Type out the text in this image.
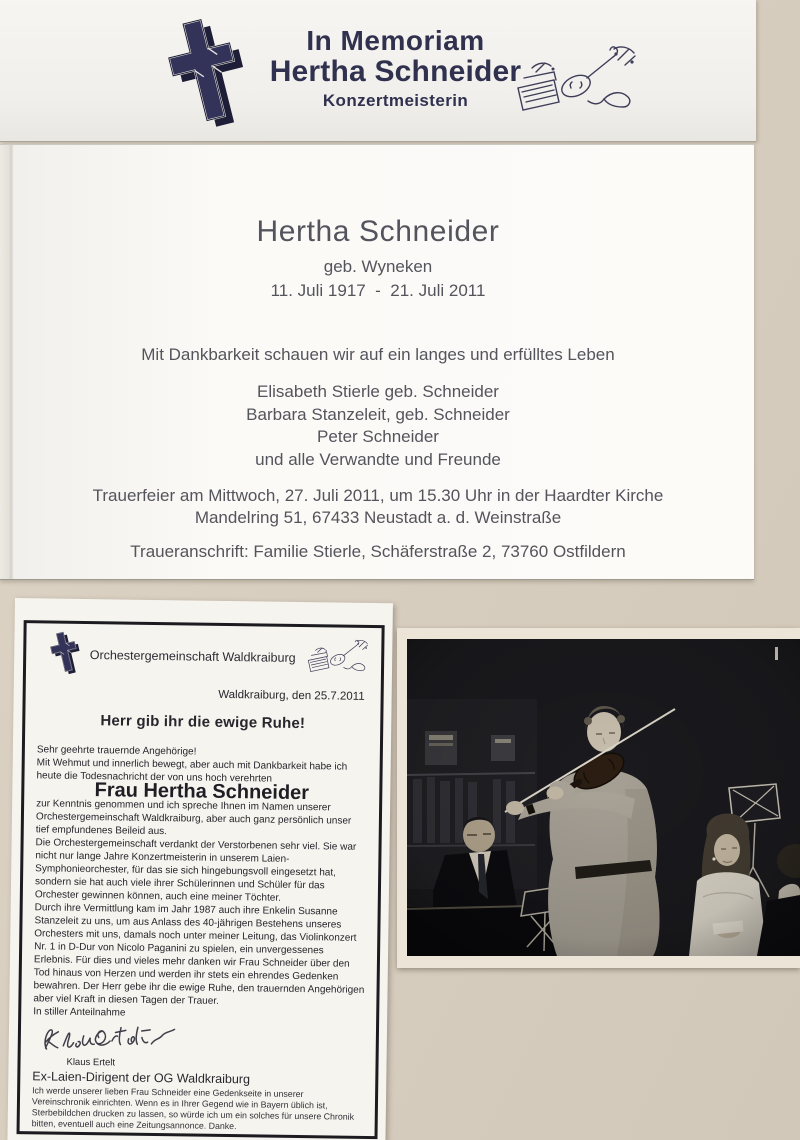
In Memoriam
Hertha Schneider
Konzertmeisterin
Hertha Schneider
geb. Wyneken
11. Juli 1917  -  21. Juli 2011
Mit Dankbarkeit schauen wir auf ein langes und erfülltes Leben
Elisabeth Stierle geb. Schneider
Barbara Stanzeleit, geb. Schneider
Peter Schneider
und alle Verwandte und Freunde
Trauerfeier am Mittwoch, 27. Juli 2011, um 15.30 Uhr in der Haardter Kirche
Mandelring 51, 67433 Neustadt a. d. Weinstraße
Traueranschrift: Familie Stierle, Schäferstraße 2, 73760 Ostfildern
Orchestergemeinschaft Waldkraiburg
Waldkraiburg, den 25.7.2011
Herr gib ihr die ewige Ruhe!
Sehr geehrte trauernde Angehörige!

Mit Wehmut und innerlich bewegt, aber auch mit Dankbarkeit habe ich heute die Todesnachricht der von uns hoch verehrten

Frau Hertha Schneider

zur Kenntnis genommen und ich spreche Ihnen im Namen unserer Orchestergemeinschaft Waldkraiburg, aber auch ganz persönlich unser tief empfundenes Beileid aus.

Die Orchestergemeinschaft verdankt der Verstorbenen sehr viel. Sie war nicht nur lange Jahre Konzertmeisterin in unserem Laien-Symphonieorchester, für das sie sich hingebungsvoll eingesetzt hat, sondern sie hat auch viele ihrer Schülerinnen und Schüler für das Orchester gewinnen können, auch eine meiner Töchter.

Durch ihre Vermittlung kam im Jahr 1987 auch ihre Enkelin Susanne Stanzeleit zu uns, um aus Anlass des 40-jährigen Bestehens unseres Orchesters mit uns, damals noch unter meiner Leitung, das Violinkonzert Nr. 1 in D-Dur von Nicolo Paganini zu spielen, ein unvergessenes Erlebnis. Für dies und vieles mehr danken wir Frau Schneider über den Tod hinaus von Herzen und werden ihr stets ein ehrendes Gedenken bewahren. Der Herr gebe ihr die ewige Ruhe, den trauernden Angehörigen aber viel Kraft in diesen Tagen der Trauer.

In stiller Anteilnahme

Klaus Ertelt
Ex-Laien-Dirigent der OG Waldkraiburg
Ich werde unserer lieben Frau Schneider eine Gedenkseite in unserer Vereinschronik einrichten. Wenn es in Ihrer Gegend wie in Bayern üblich ist, Sterbebildchen drucken zu lassen, so würde ich um ein solches für unsere Chronik bitten, eventuell auch eine Zeitungsannonce. Danke.
